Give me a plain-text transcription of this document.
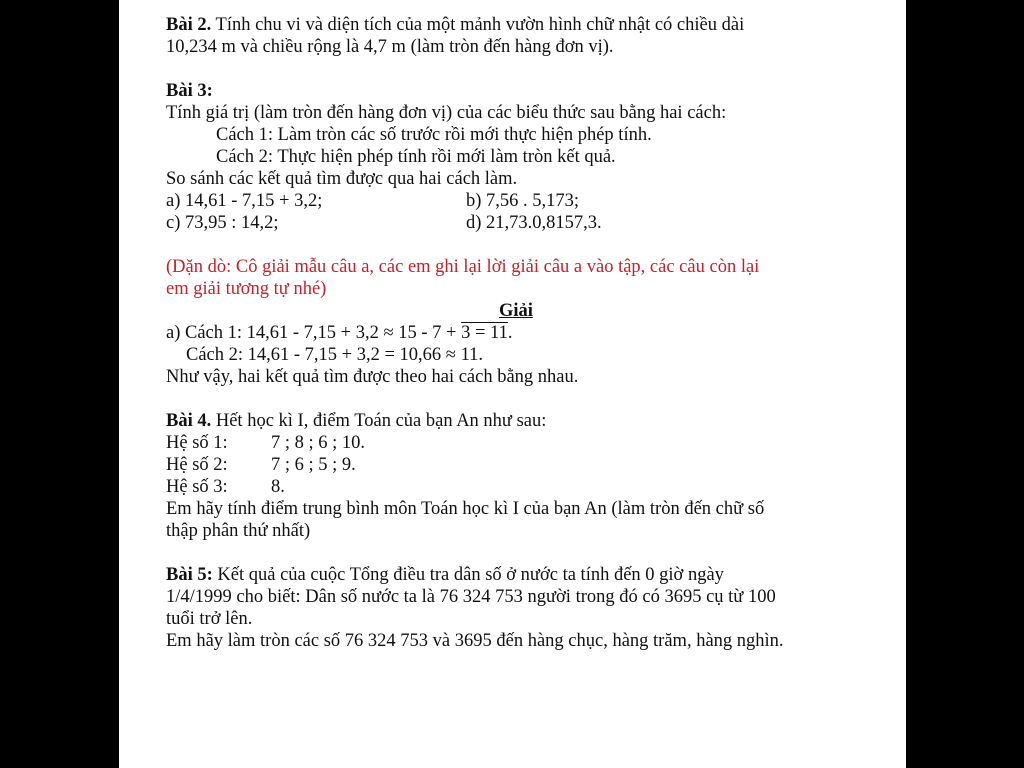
Bài 2. Tính chu vi và diện tích của một mảnh vườn hình chữ nhật có chiều dài
10,234 m và chiều rộng là 4,7 m (làm tròn đến hàng đơn vị).
Bài 3:
Tính giá trị (làm tròn đến hàng đơn vị) của các biểu thức sau bằng hai cách:
Cách 1: Làm tròn các số trước rồi mới thực hiện phép tính.
Cách 2: Thực hiện phép tính rồi mới làm tròn kết quả.
So sánh các kết quả tìm được qua hai cách làm.
a) 14,61 - 7,15 + 3,2;	b) 7,56 . 5,173;
c) 73,95 : 14,2;	d) 21,73.0,8157,3.
(Dặn dò: Cô giải mẫu câu a, các em ghi lại lời giải câu a vào tập, các câu còn lại
em giải tương tự nhé)
Giải
a) Cách 1: 14,61 - 7,15 + 3,2 ≈ 15 - 7 + 3 = 11.
Cách 2: 14,61 - 7,15 + 3,2 = 10,66 ≈ 11.
Như vậy, hai kết quả tìm được theo hai cách bằng nhau.
Bài 4. Hết học kì I, điểm Toán của bạn An như sau:
Hệ số 1: 7 ; 8 ; 6 ; 10.
Hệ số 2: 7 ; 6 ; 5 ; 9.
Hệ số 3: 8.
Em hãy tính điểm trung bình môn Toán học kì I của bạn An (làm tròn đến chữ số
thập phân thứ nhất)
Bài 5: Kết quả của cuộc Tổng điều tra dân số ở nước ta tính đến 0 giờ ngày
1/4/1999 cho biết: Dân số nước ta là 76 324 753 người trong đó có 3695 cụ từ 100
tuổi trở lên.
Em hãy làm tròn các số 76 324 753 và 3695 đến hàng chục, hàng trăm, hàng nghìn.
